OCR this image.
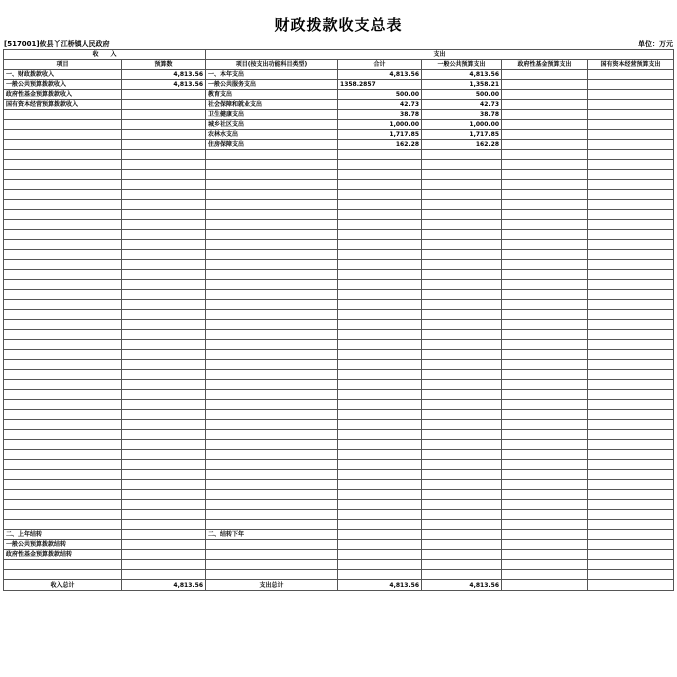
财政拨款收支总表
[517001]攸县丫江桥镇人民政府	单位：万元
收　　入		支出				
项目	预算数	项目(按支出功能科目类型)	合计	一般公共预算支出	政府性基金预算支出	国有资本经营预算支出
一、财政拨款收入	4,813.56	一、本年支出	4,813.56	4,813.56		
一般公共预算拨款收入	4,813.56	一般公共服务支出	1358.2857	1,358.21		
政府性基金预算拨款收入		教育支出	500.00	500.00		
国有资本经营预算拨款收入		社会保障和就业支出	42.73	42.73		
		卫生健康支出	38.78	38.78		
		城乡社区支出	1,000.00	1,000.00		
		农林水支出	1,717.85	1,717.85		
		住房保障支出	162.28	162.28		

二、上年结转		二、结转下年				
一般公共预算拨款结转						
政府性基金预算拨款结转						

收入总计	4,813.56	支出总计	4,813.56	4,813.56		
